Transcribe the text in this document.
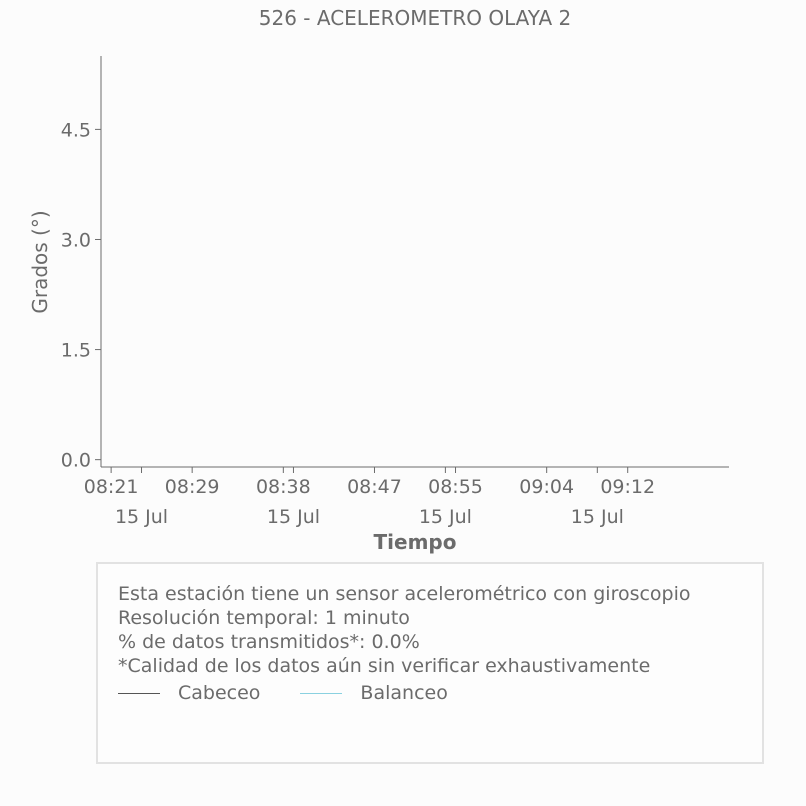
526 - ACELEROMETRO OLAYA 2
0.0
1.5
3.0
4.5
08:21 08:29 08:38 08:47 08:55 09:04 09:12
15 Jul	15 Jul	15 Jul	15 Jul
Grados (°)
Tiempo
Esta estación tiene un sensor acelerométrico con giroscopio
Resolución temporal: 1 minuto
% de datos transmitidos*: 0.0%
*Calidad de los datos aún sin verificar exhaustivamente
Cabeceo	Balanceo
